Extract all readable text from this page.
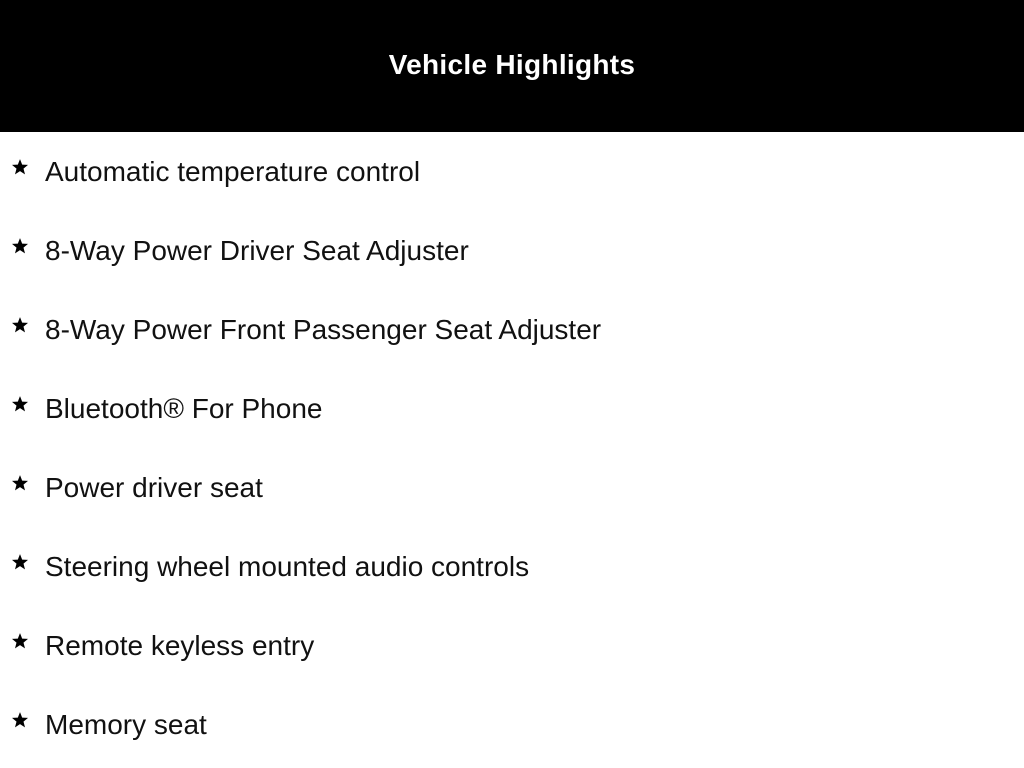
Vehicle Highlights
Automatic temperature control
8-Way Power Driver Seat Adjuster
8-Way Power Front Passenger Seat Adjuster
Bluetooth® For Phone
Power driver seat
Steering wheel mounted audio controls
Remote keyless entry
Memory seat
